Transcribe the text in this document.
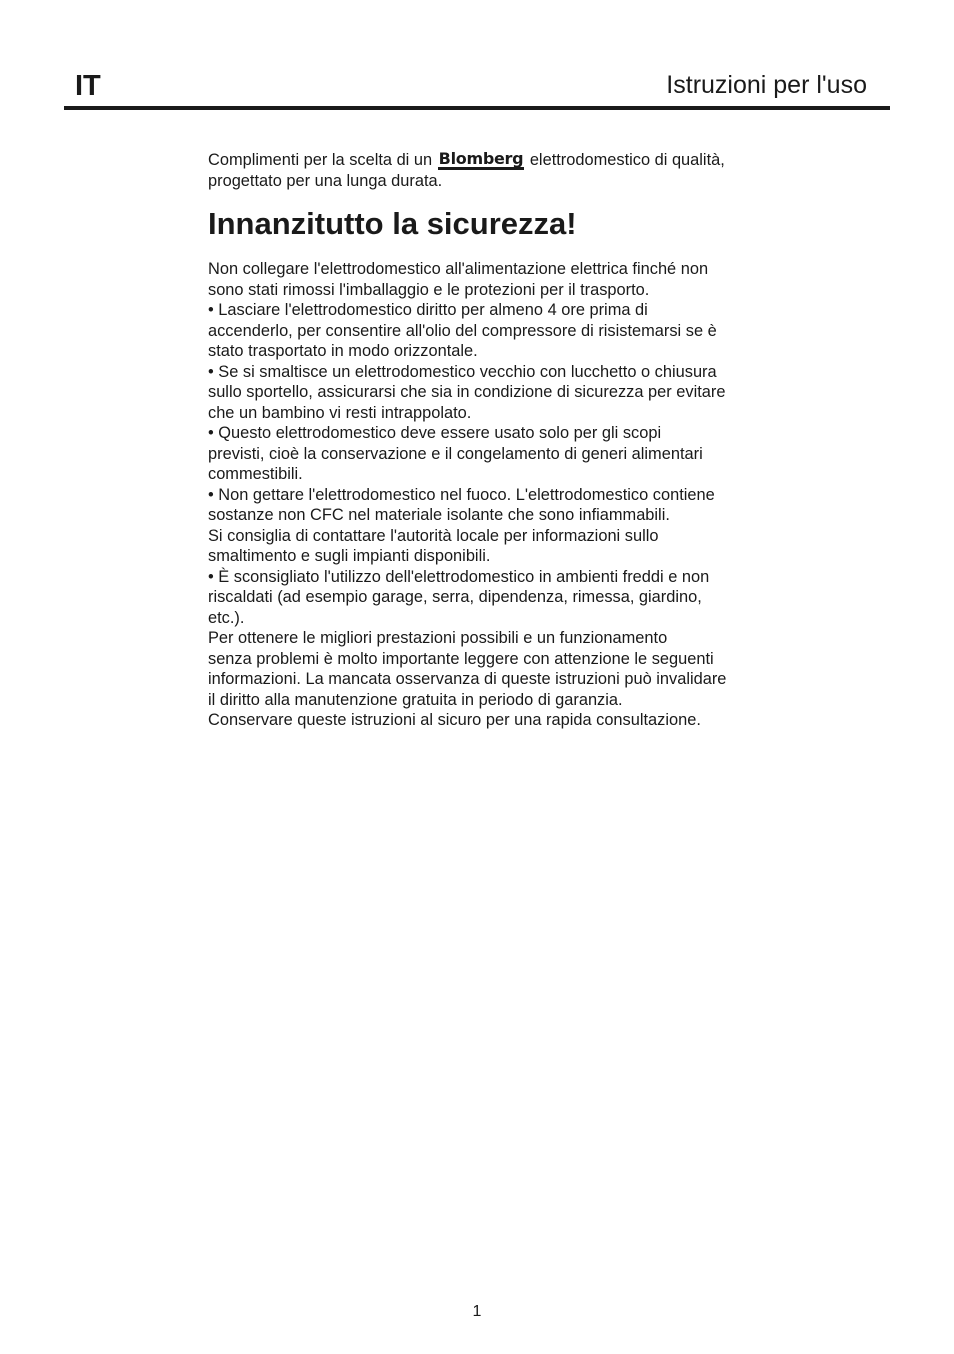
IT	Istruzioni per l'uso

Complimenti per la scelta di un Blomberg elettrodomestico di qualità,
progettato per una lunga durata.

Innanzitutto la sicurezza!

Non collegare l'elettrodomestico all'alimentazione elettrica finché non

sono stati rimossi l'imballaggio e le protezioni per il trasporto.

• Lasciare l'elettrodomestico diritto per almeno 4 ore prima di

accenderlo, per consentire all'olio del compressore di risistemarsi se è

stato trasportato in modo orizzontale.

• Se si smaltisce un elettrodomestico vecchio con lucchetto o chiusura

sullo sportello, assicurarsi che sia in condizione di sicurezza per evitare

che un bambino vi resti intrappolato.

• Questo elettrodomestico deve essere usato solo per gli scopi

previsti, cioè la conservazione e il congelamento di generi alimentari

commestibili.

• Non gettare l'elettrodomestico nel fuoco. L'elettrodomestico contiene

sostanze non CFC nel materiale isolante che sono infiammabili.

Si consiglia di contattare l'autorità locale per informazioni sullo

smaltimento e sugli impianti disponibili.

• È sconsigliato l'utilizzo dell'elettrodomestico in ambienti freddi e non

riscaldati (ad esempio garage, serra, dipendenza, rimessa, giardino,

etc.).

Per ottenere le migliori prestazioni possibili e un funzionamento

senza problemi è molto importante leggere con attenzione le seguenti

informazioni. La mancata osservanza di queste istruzioni può invalidare

il diritto alla manutenzione gratuita in periodo di garanzia.

Conservare queste istruzioni al sicuro per una rapida consultazione.

1
